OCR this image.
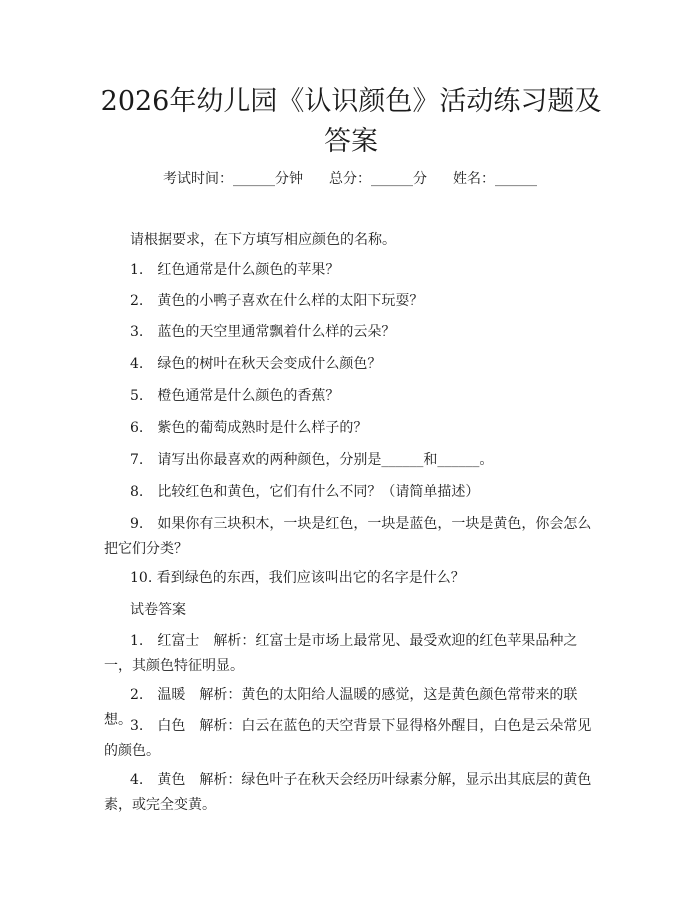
2026年幼儿园《认识颜色》活动练习题及答案
考试时间：______分钟 总分：______分 姓名：______
请根据要求，在下方填写相应颜色的名称。

1.　红色通常是什么颜色的苹果？

2.　黄色的小鸭子喜欢在什么样的太阳下玩耍？

3.　蓝色的天空里通常飘着什么样的云朵？

4.　绿色的树叶在秋天会变成什么颜色？

5.　橙色通常是什么颜色的香蕉？

6.　紫色的葡萄成熟时是什么样子的？

7.　请写出你最喜欢的两种颜色，分别是______和______。

8.　比较红色和黄色，它们有什么不同？（请简单描述）

9.　如果你有三块积木，一块是红色，一块是蓝色，一块是黄色，你会怎么把它们分类？

10. 看到绿色的东西，我们应该叫出它的名字是什么？

试卷答案

1.　红富士　解析：红富士是市场上最常见、最受欢迎的红色苹果品种之一，其颜色特征明显。

2.　温暖　解析：黄色的太阳给人温暖的感觉，这是黄色颜色常带来的联想。

3.　白色　解析：白云在蓝色的天空背景下显得格外醒目，白色是云朵常见的颜色。

4.　黄色　解析：绿色叶子在秋天会经历叶绿素分解，显示出其底层的黄色素，或完全变黄。
